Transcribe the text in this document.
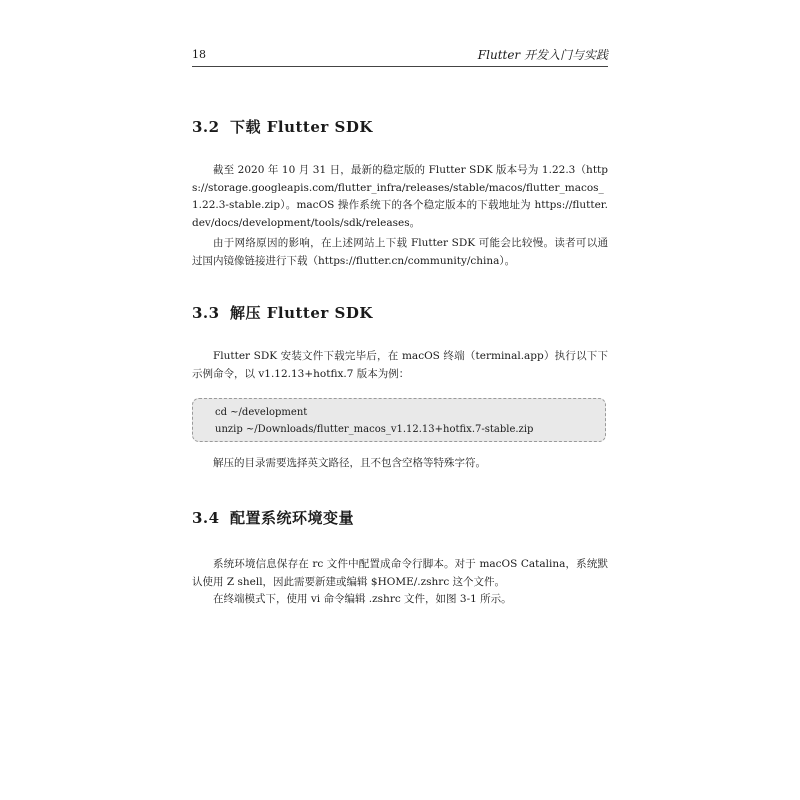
18	Flutter 开发入门与实践
3.2 下载 Flutter SDK

截至 2020 年 10 月 31 日，最新的稳定版的 Flutter SDK 版本号为 1.22.3（https://storage.googleapis.com/flutter_infra/releases/stable/macos/flutter_macos_1.22.3-stable.zip）。macOS 操作系统下的各个稳定版本的下载地址为 https://flutter.dev/docs/development/tools/sdk/releases。

由于网络原因的影响，在上述网站上下载 Flutter SDK 可能会比较慢。读者可以通过国内镜像链接进行下载（https://flutter.cn/community/china）。

3.3 解压 Flutter SDK

Flutter SDK 安装文件下载完毕后，在 macOS 终端（terminal.app）执行以下下示例命令，以 v1.12.13+hotfix.7 版本为例：

cd ~/development
unzip ~/Downloads/flutter_macos_v1.12.13+hotfix.7-stable.zip

解压的目录需要选择英文路径，且不包含空格等特殊字符。

3.4 配置系统环境变量

系统环境信息保存在 rc 文件中配置成命令行脚本。对于 macOS Catalina，系统默认使用 Z shell，因此需要新建或编辑 $HOME/.zshrc 这个文件。

在终端模式下，使用 vi 命令编辑 .zshrc 文件，如图 3-1 所示。
